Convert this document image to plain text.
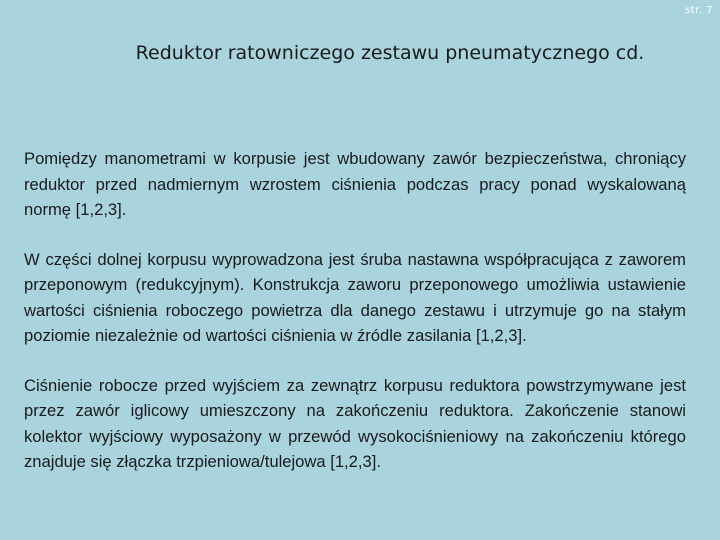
str. 7
Reduktor ratowniczego zestawu pneumatycznego cd.

Pomiędzy manometrami w korpusie jest wbudowany zawór bezpieczeństwa, chroniący reduktor przed nadmiernym wzrostem ciśnienia podczas pracy ponad wyskalowaną normę [1,2,3].

W części dolnej korpusu wyprowadzona jest śruba nastawna współpracująca z zaworem przeponowym (redukcyjnym). Konstrukcja zaworu przeponowego umożliwia ustawienie wartości ciśnienia roboczego powietrza dla danego zestawu i utrzymuje go na stałym poziomie niezależnie od wartości ciśnienia w źródle zasilania [1,2,3].

Ciśnienie robocze przed wyjściem za zewnątrz korpusu reduktora powstrzymywane jest przez zawór iglicowy umieszczony na zakończeniu reduktora. Zakończenie stanowi kolektor wyjściowy wyposażony w przewód wysokociśnieniowy na zakończeniu którego znajduje się złączka trzpieniowa/tulejowa [1,2,3].
